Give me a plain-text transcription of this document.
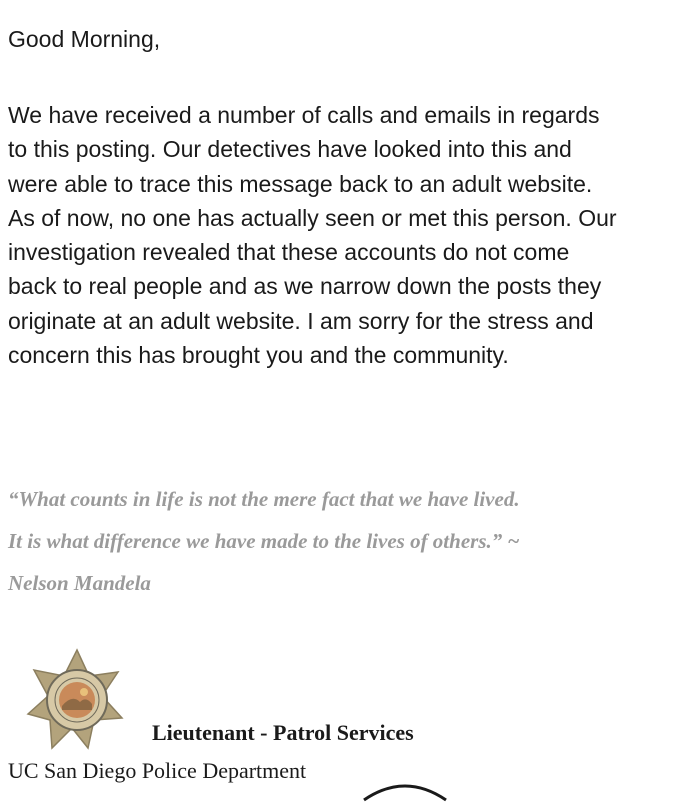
Good Morning,

We have received a number of calls and emails in regards
to this posting. Our detectives have looked into this and
were able to trace this message back to an adult website.
As of now, no one has actually seen or met this person. Our
investigation revealed that these accounts do not come
back to real people and as we narrow down the posts they
originate at an adult website. I am sorry for the stress and
concern this has brought you and the community.

“What counts in life is not the mere fact that we have lived.
It is what difference we have made to the lives of others.” ~
Nelson Mandela

Lieutenant - Patrol Services

UC San Diego Police Department
